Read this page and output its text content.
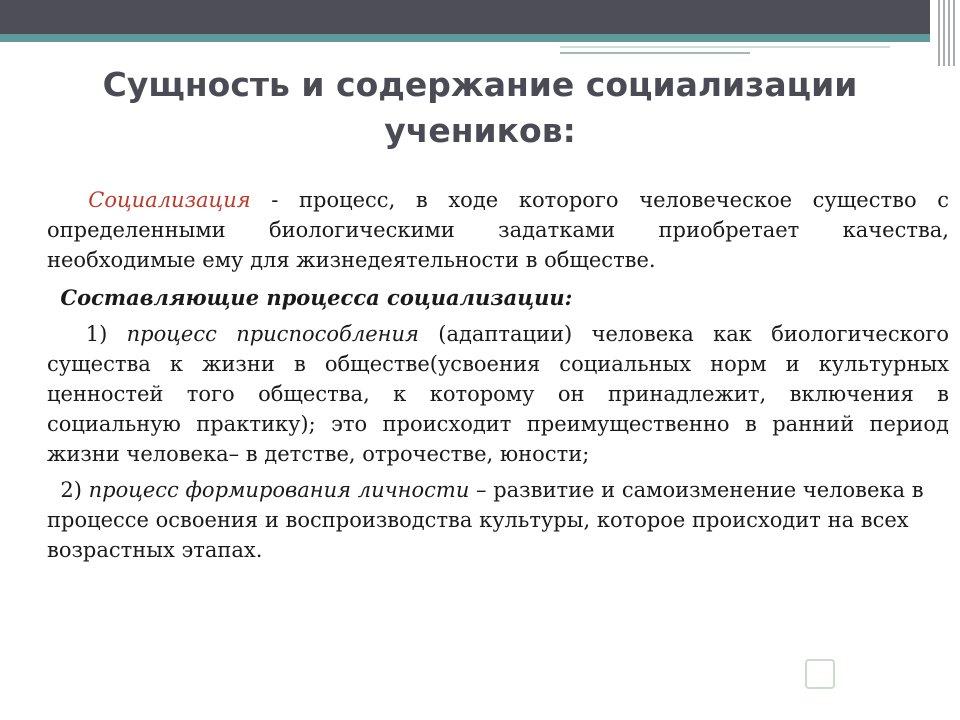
Сущность и содержание социализации учеников:

Социализация - процесс, в ходе которого человеческое существо с определенными биологическими задатками приобретает качества, необходимые ему для жизнедеятельности в обществе.

Составляющие процесса социализации:

1) процесс приспособления (адаптации) человека как биологического существа к жизни в обществе(усвоения социальных норм и культурных ценностей того общества, к которому он принадлежит, включения в социальную практику); это происходит преимущественно в ранний период жизни человека– в детстве, отрочестве, юности;

2) процесс формирования личности – развитие и самоизменение человека в процессе освоения и воспроизводства культуры, которое происходит на всех возрастных этапах.
